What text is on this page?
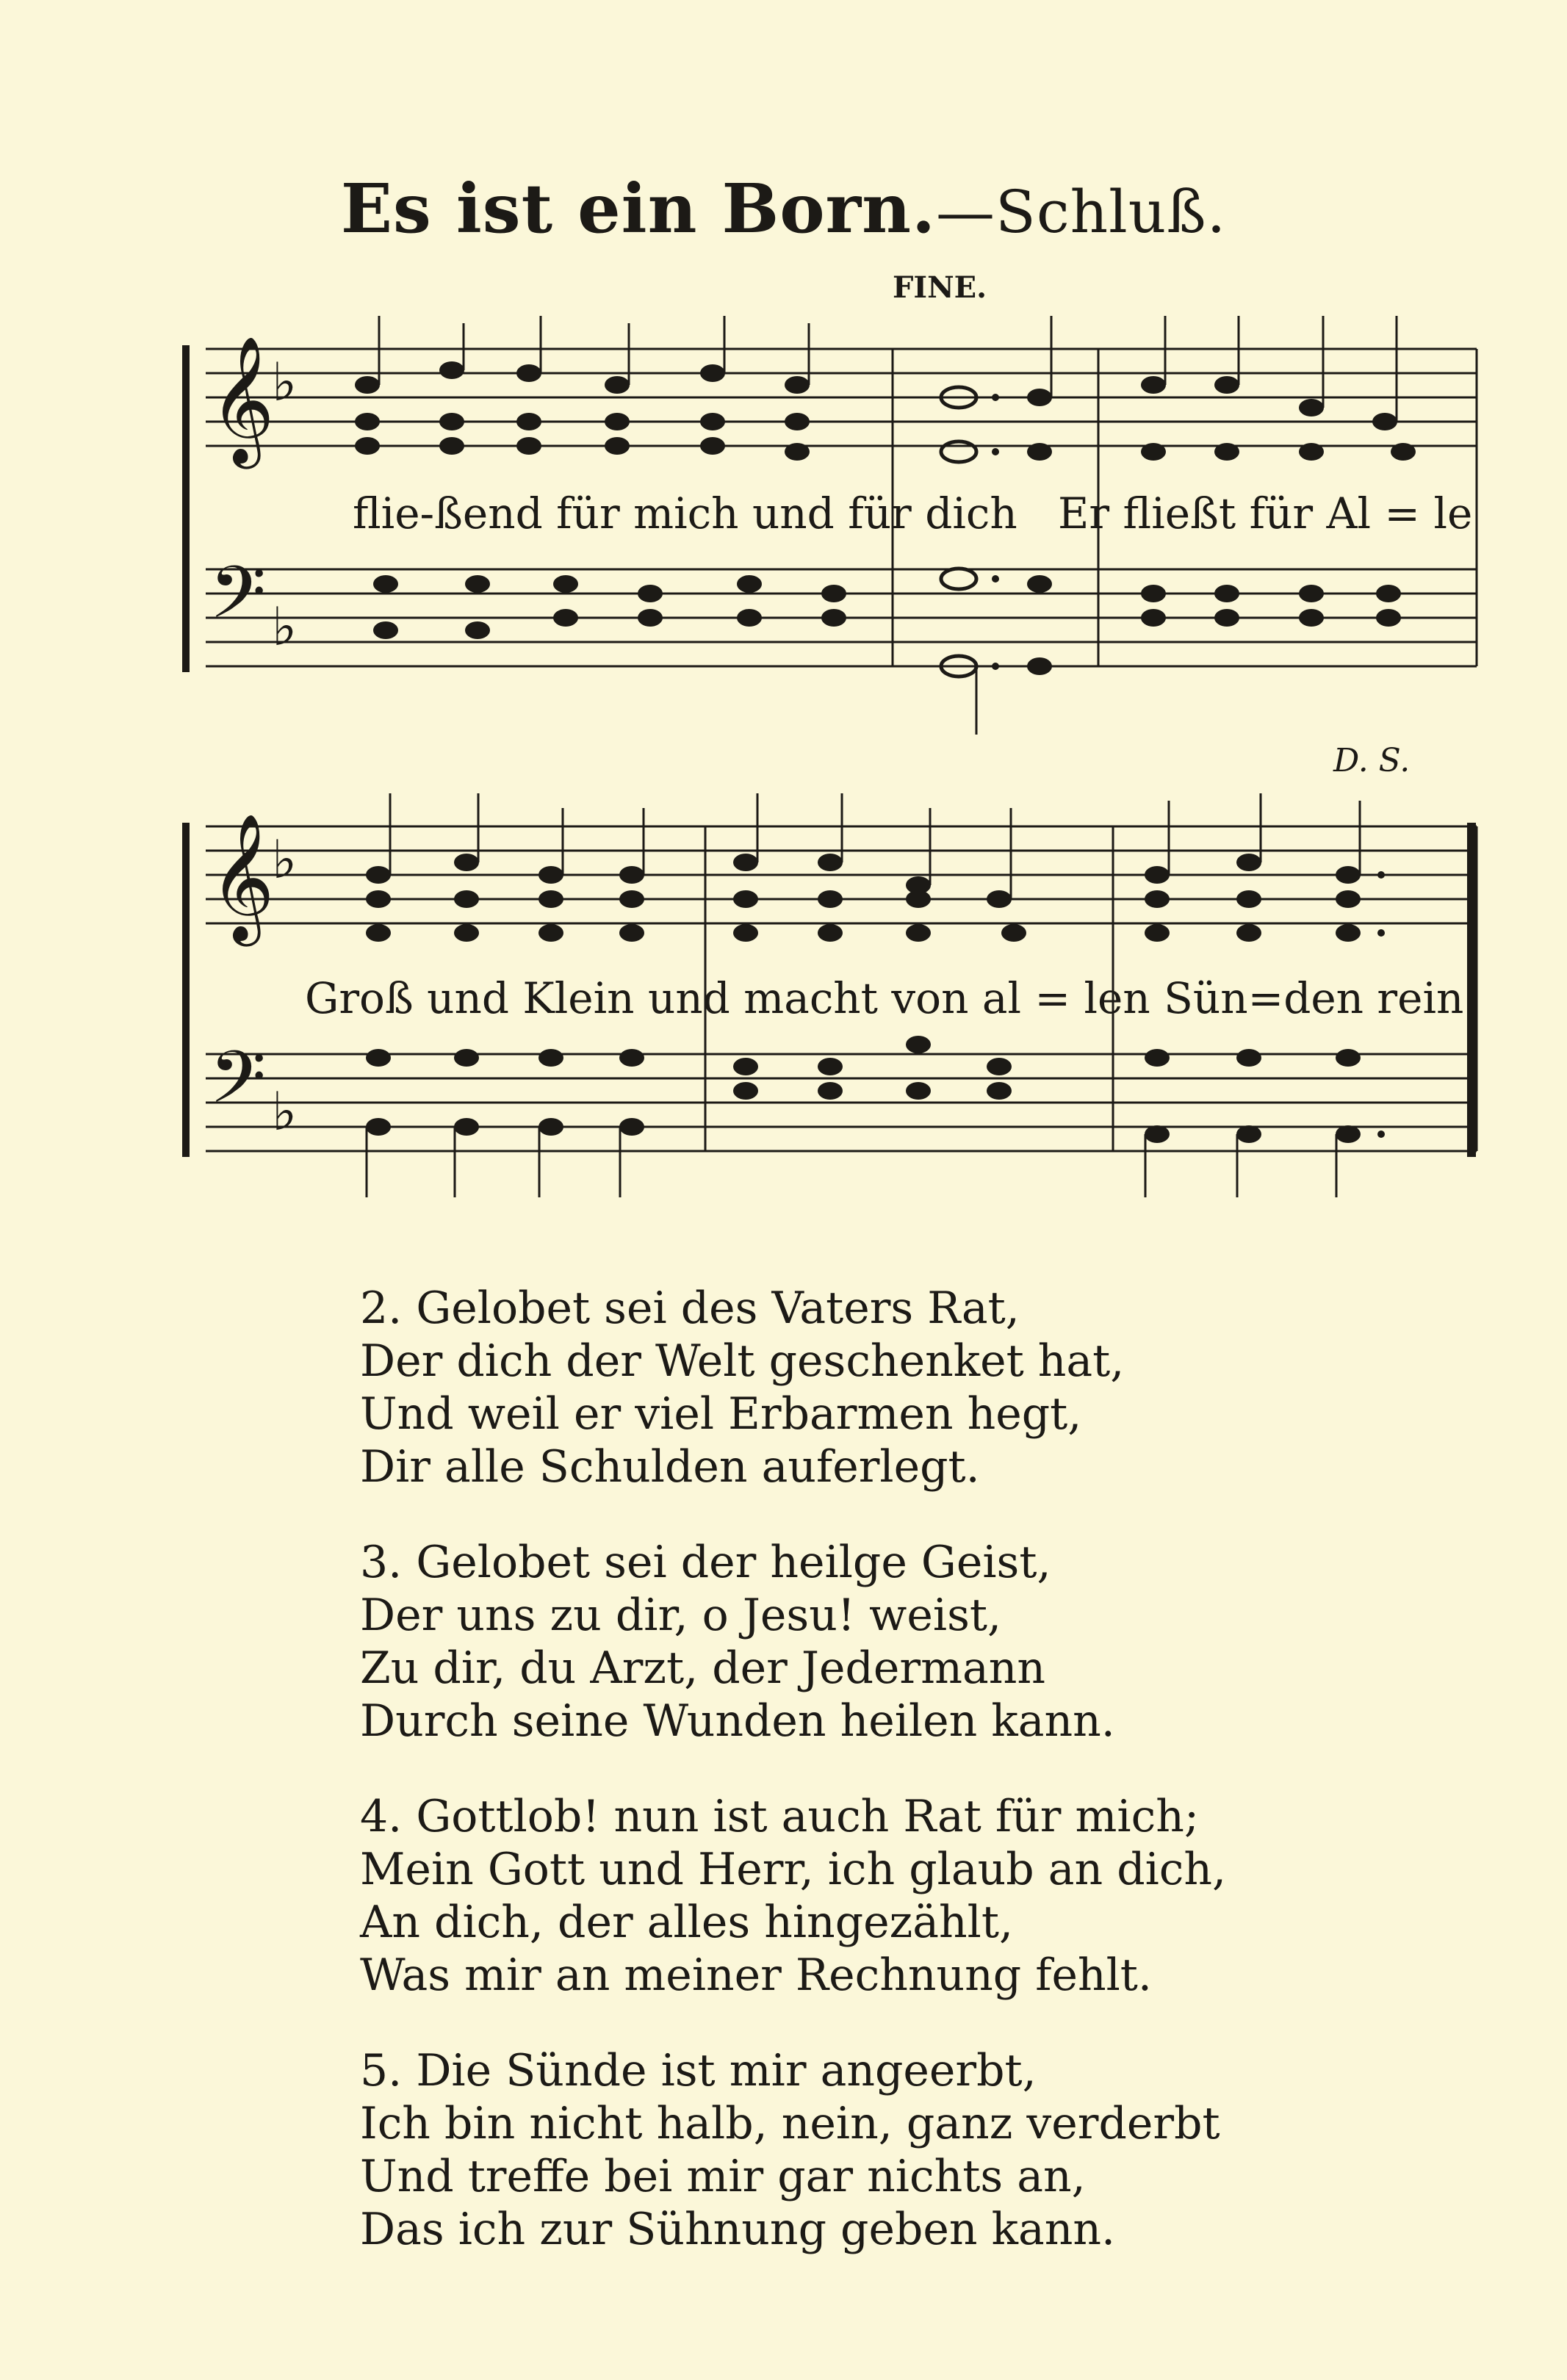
Es ist ein Born.—Schluß.
FINE.
D. S.
𝄞
♭
𝄢 ♭
flie-ßend für mich und für dich   Er fließt für Al = le
𝄞
♭
𝄢 ♭
Groß und Klein und macht von al = len Sün=den rein.
2. Gelobet sei des Vaters Rat,
Der dich der Welt geschenket hat,
Und weil er viel Erbarmen hegt,
Dir alle Schulden auferlegt.
3. Gelobet sei der heilge Geist,
Der uns zu dir, o Jesu! weist,
Zu dir, du Arzt, der Jedermann
Durch seine Wunden heilen kann.
4. Gottlob! nun ist auch Rat für mich;
Mein Gott und Herr, ich glaub an dich,
An dich, der alles hingezählt,
Was mir an meiner Rechnung fehlt.
5. Die Sünde ist mir angeerbt,
Ich bin nicht halb, nein, ganz verderbt
Und treffe bei mir gar nichts an,
Das ich zur Sühnung geben kann.
